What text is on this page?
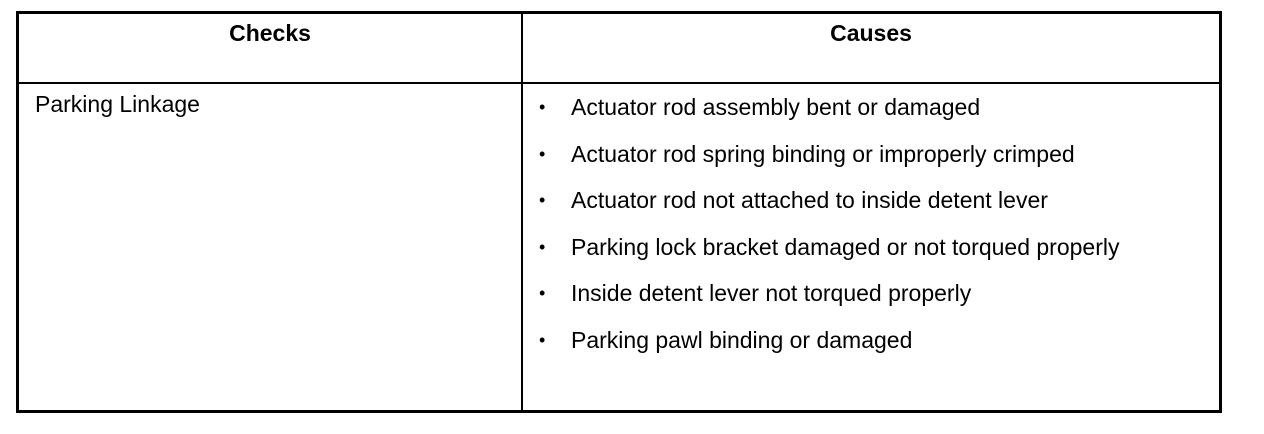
Checks	Causes
Parking Linkage	• Actuator rod assembly bent or damaged
• Actuator rod spring binding or improperly crimped
• Actuator rod not attached to inside detent lever
• Parking lock bracket damaged or not torqued properly
• Inside detent lever not torqued properly
• Parking pawl binding or damaged
